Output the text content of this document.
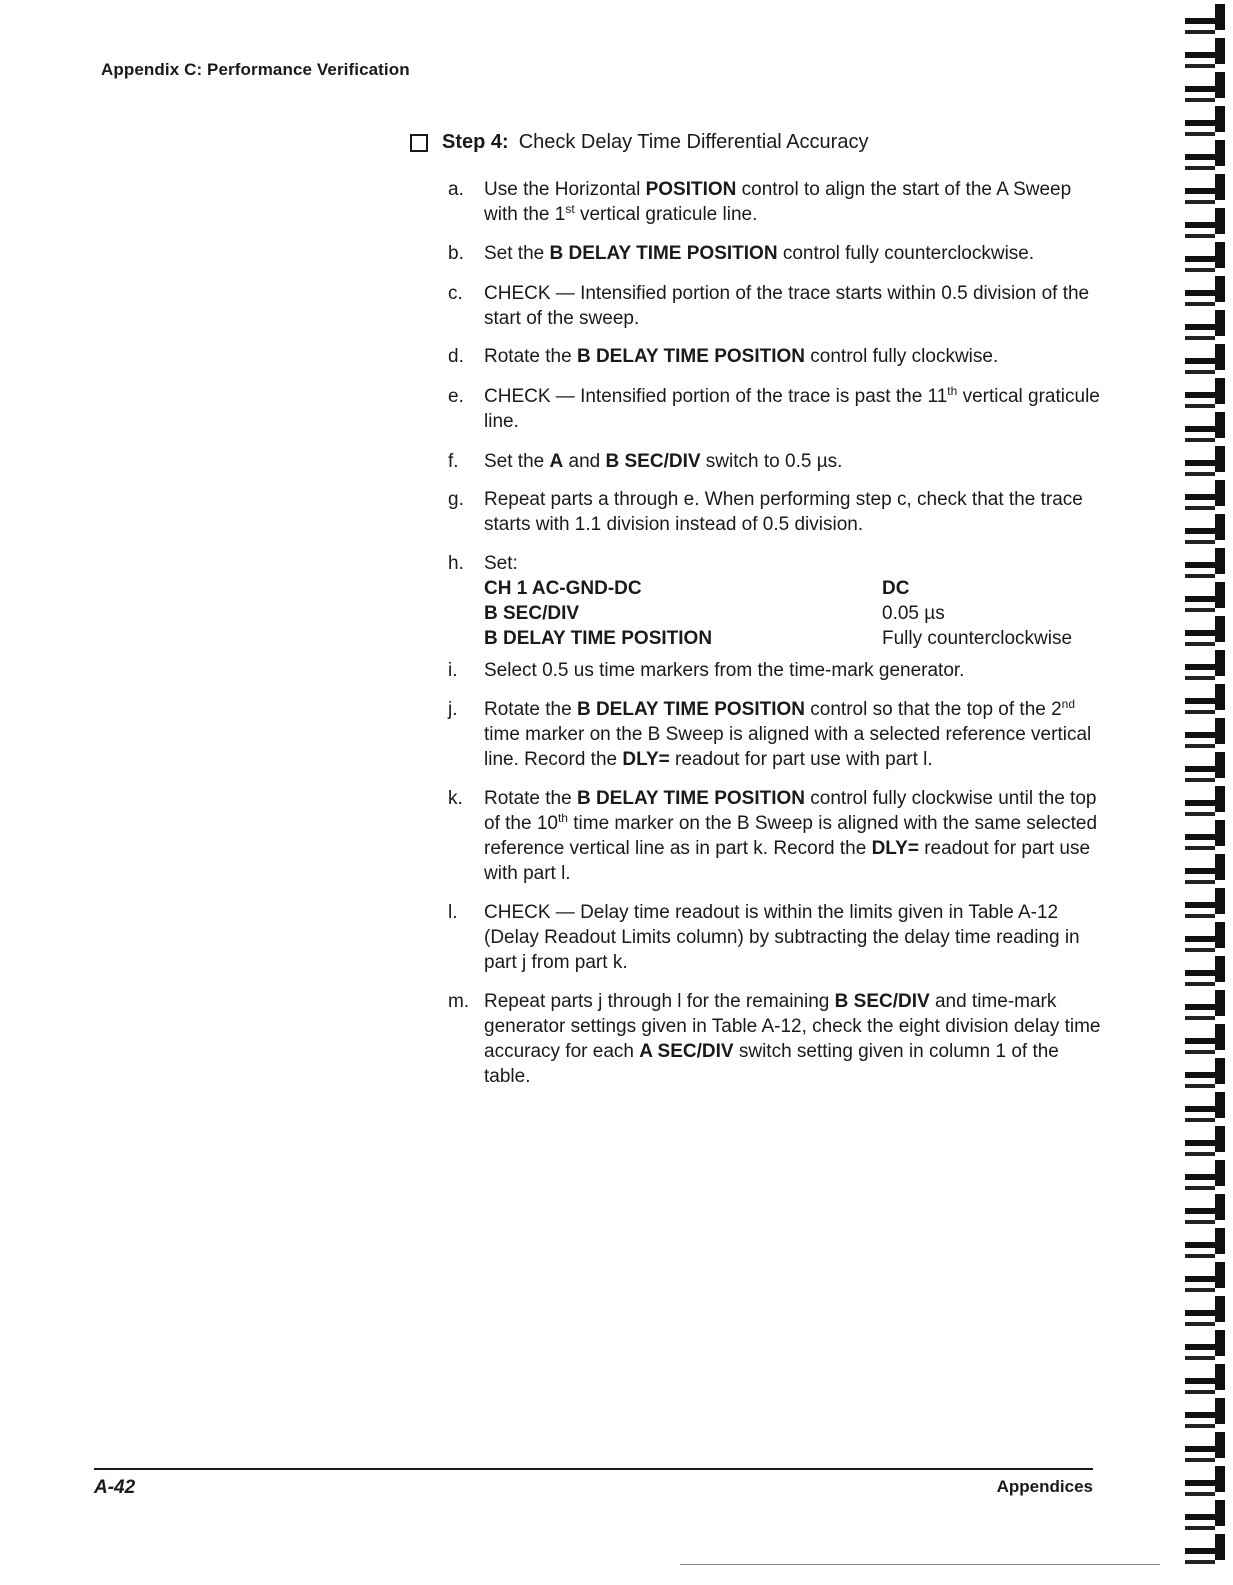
Appendix C: Performance Verification
Step 4: Check Delay Time Differential Accuracy
a.	Use the Horizontal POSITION control to align the start of the A Sweep with the 1st vertical graticule line.
b.	Set the B DELAY TIME POSITION control fully counterclockwise.
c.	CHECK — Intensified portion of the trace starts within 0.5 division of the start of the sweep.
d.	Rotate the B DELAY TIME POSITION control fully clockwise.
e.	CHECK — Intensified portion of the trace is past the 11th vertical graticule line.
f.	Set the A and B SEC/DIV switch to 0.5 µs.
g.	Repeat parts a through e. When performing step c, check that the trace starts with 1.1 division instead of 0.5 division.
h.	Set:
CH 1 AC-GND-DC	DC
B SEC/DIV	0.05 µs
B DELAY TIME POSITION	Fully counterclockwise
i.	Select 0.5 us time markers from the time-mark generator.
j.	Rotate the B DELAY TIME POSITION control so that the top of the 2nd time marker on the B Sweep is aligned with a selected reference vertical line. Record the DLY= readout for part use with part l.
k.	Rotate the B DELAY TIME POSITION control fully clockwise until the top of the 10th time marker on the B Sweep is aligned with the same selected reference vertical line as in part k. Record the DLY= readout for part use with part l.
l.	CHECK — Delay time readout is within the limits given in Table A-12 (Delay Readout Limits column) by subtracting the delay time reading in part j from part k.
m. Repeat parts j through l for the remaining B SEC/DIV and time-mark generator settings given in Table A-12, check the eight division delay time accuracy for each A SEC/DIV switch setting given in column 1 of the table.
A-42	Appendices
